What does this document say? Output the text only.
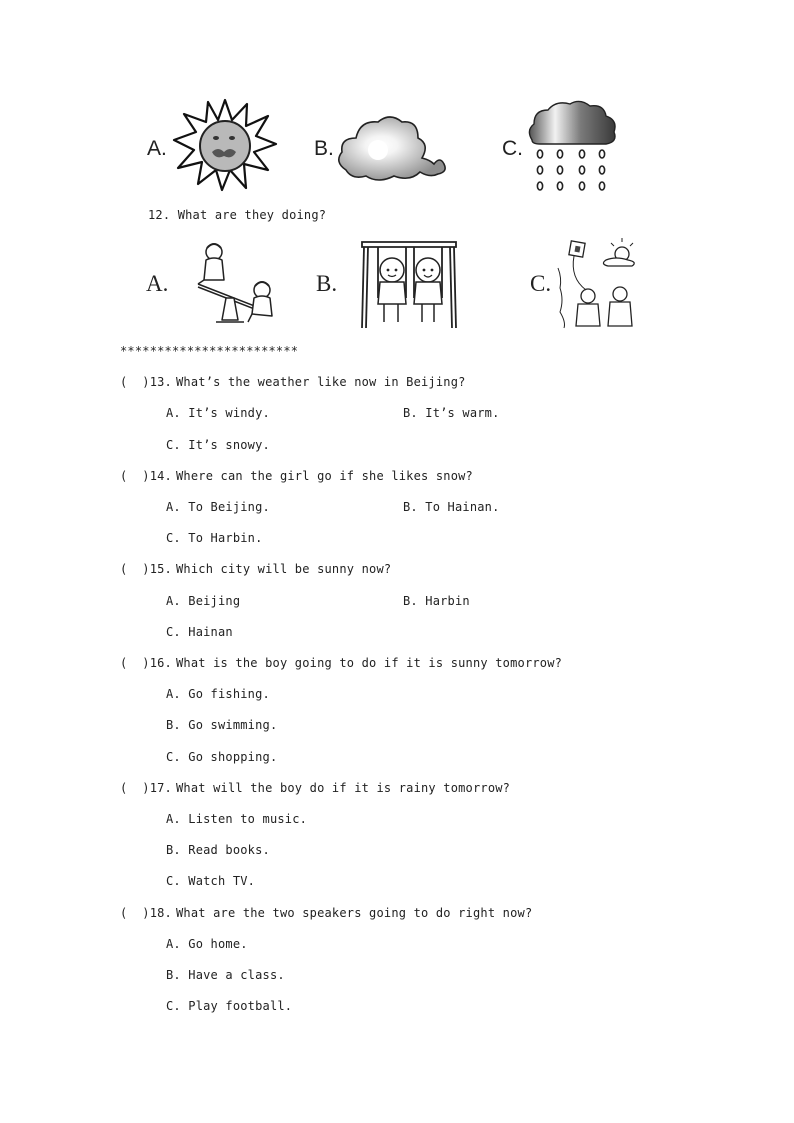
A.	B.	C.
12. What are they doing?
A.	B.	C.
************************
(  )13. What’s the weather like now in Beijing?
A. It’s windy.	B. It’s warm.
C. It’s snowy.
(  )14. Where can the girl go if she likes snow?
A. To Beijing.	B. To Hainan.
C. To Harbin.
(  )15. Which city will be sunny now?
A. Beijing	B. Harbin
C. Hainan
(  )16. What is the boy going to do if it is sunny tomorrow?
A. Go fishing.
B. Go swimming.
C. Go shopping.
(  )17. What will the boy do if it is rainy tomorrow?
A. Listen to music.
B. Read books.
C. Watch TV.
(  )18. What are the two speakers going to do right now?
A. Go home.
B. Have a class.
C. Play football.
